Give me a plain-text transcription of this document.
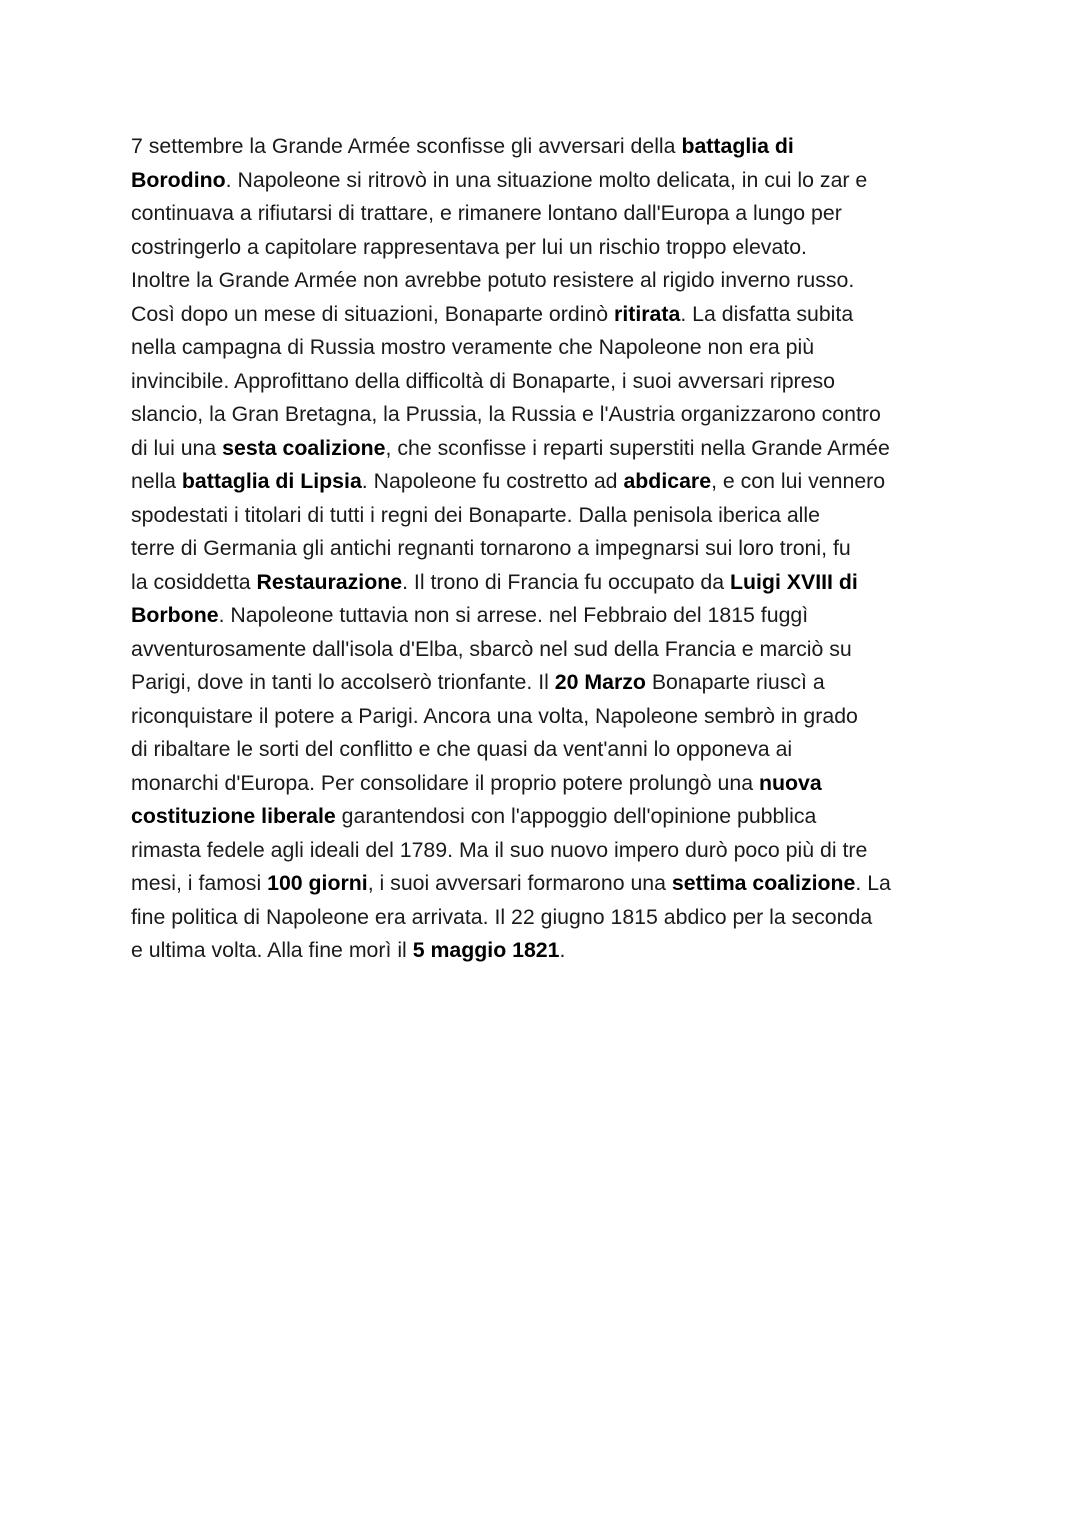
7 settembre la Grande Armée sconfisse gli avversari della battaglia di
Borodino. Napoleone si ritrovò in una situazione molto delicata, in cui lo zar e
continuava a rifiutarsi di trattare, e rimanere lontano dall'Europa a lungo per
costringerlo a capitolare rappresentava per lui un rischio troppo elevato.
Inoltre la Grande Armée non avrebbe potuto resistere al rigido inverno russo.
Così dopo un mese di situazioni, Bonaparte ordinò ritirata. La disfatta subita
nella campagna di Russia mostro veramente che Napoleone non era più
invincibile. Approfittano della difficoltà di Bonaparte, i suoi avversari ripreso
slancio, la Gran Bretagna, la Prussia, la Russia e l'Austria organizzarono contro
di lui una sesta coalizione, che sconfisse i reparti superstiti nella Grande Armée
nella battaglia di Lipsia. Napoleone fu costretto ad abdicare, e con lui vennero
spodestati i titolari di tutti i regni dei Bonaparte. Dalla penisola iberica alle
terre di Germania gli antichi regnanti tornarono a impegnarsi sui loro troni, fu
la cosiddetta Restaurazione. Il trono di Francia fu occupato da Luigi XVIII di
Borbone. Napoleone tuttavia non si arrese. nel Febbraio del 1815 fuggì
avventurosamente dall'isola d'Elba, sbarcò nel sud della Francia e marciò su
Parigi, dove in tanti lo accolserò trionfante. Il 20 Marzo Bonaparte riuscì a
riconquistare il potere a Parigi. Ancora una volta, Napoleone sembrò in grado
di ribaltare le sorti del conflitto e che quasi da vent'anni lo opponeva ai
monarchi d'Europa. Per consolidare il proprio potere prolungò una nuova
costituzione liberale garantendosi con l'appoggio dell'opinione pubblica
rimasta fedele agli ideali del 1789. Ma il suo nuovo impero durò poco più di tre
mesi, i famosi 100 giorni, i suoi avversari formarono una settima coalizione. La
fine politica di Napoleone era arrivata. Il 22 giugno 1815 abdico per la seconda
e ultima volta. Alla fine morì il 5 maggio 1821.
